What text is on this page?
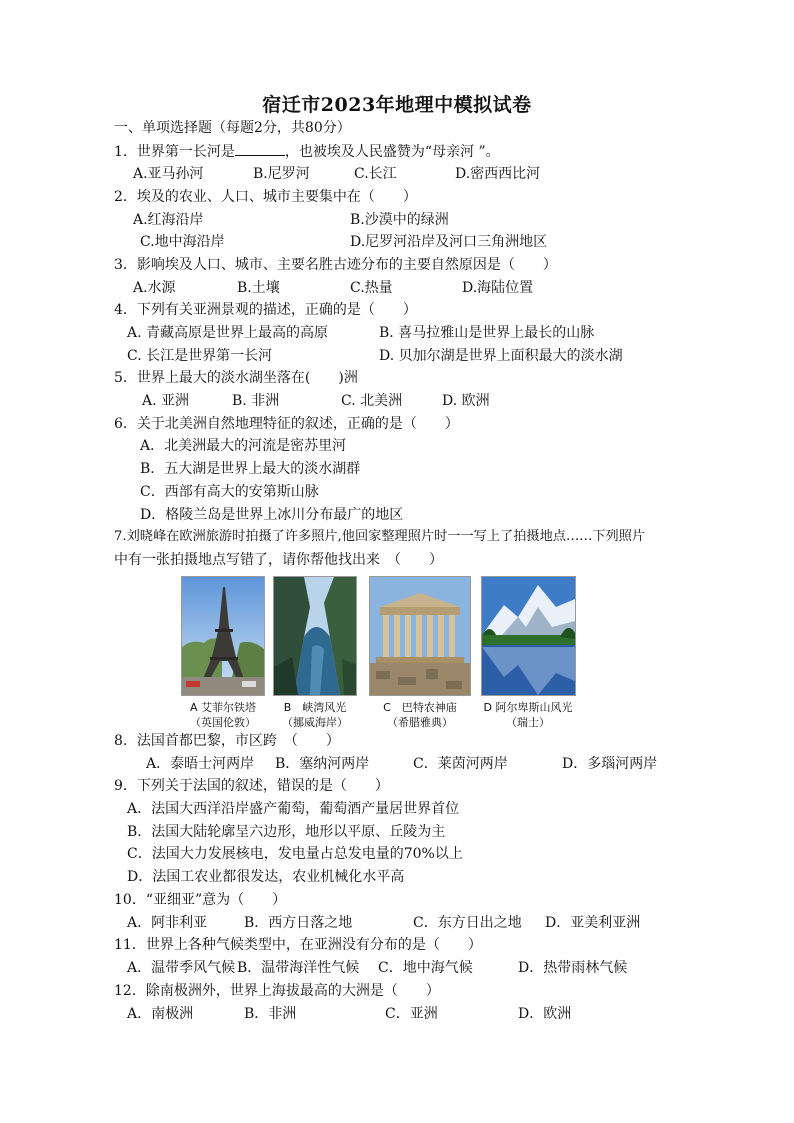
宿迁市2023年地理中模拟试卷
一、单项选择题（每题2分，共80分）
1．世界第一长河是	，也被埃及人民盛赞为“母亲河 ”。
A.亚马孙河	B.尼罗河	C.长江	D.密西西比河
2．埃及的农业、人口、城市主要集中在（　　）
A.红海沿岸	B.沙漠中的绿洲
C.地中海沿岸	D.尼罗河沿岸及河口三角洲地区
3．影响埃及人口、城市、主要名胜古迹分布的主要自然原因是（　　）
A.水源	B.土壤	C.热量	D.海陆位置
4．下列有关亚洲景观的描述，正确的是（　　）
A. 青藏高原是世界上最高的高原	B. 喜马拉雅山是世界上最长的山脉
C. 长江是世界第一长河	D. 贝加尔湖是世界上面积最大的淡水湖
5．世界上最大的淡水湖坐落在(　　)洲
A. 亚洲	B. 非洲	C. 北美洲	D. 欧洲
6．关于北美洲自然地理特征的叙述，正确的是（　　）
A．北美洲最大的河流是密苏里河
B．五大湖是世界上最大的淡水湖群
C．西部有高大的安第斯山脉
D．格陵兰岛是世界上冰川分布最广的地区
7.刘晓峰在欧洲旅游时拍摄了许多照片,他回家整理照片时一一写上了拍摄地点……下列照片
中有一张拍摄地点写错了，请你帮他找出来　（　　）
A 艾菲尔铁塔
（英国伦敦）
B　峡湾风光
（挪威海岸）
C　巴特农神庙
（希腊雅典）
D 阿尔卑斯山风光
（瑞士）
8．法国首都巴黎，市区跨　（　　）
A．泰晤士河两岸 B．塞纳河两岸	C．莱茵河两岸	D．多瑙河两岸
9．下列关于法国的叙述，错误的是（　　）
A．法国大西洋沿岸盛产葡萄，葡萄酒产量居世界首位
B．法国大陆轮廓呈六边形，地形以平原、丘陵为主
C．法国大力发展核电，发电量占总发电量的70%以上
D．法国工农业都很发达，农业机械化水平高
10．“亚细亚”意为（　　）
A．阿非利亚	B．西方日落之地	C．东方日出之地 D．亚美利亚洲
11．世界上各种气候类型中，在亚洲没有分布的是（　　）
A．温带季风气候 B．温带海洋性气候 C．地中海气候	D．热带雨林气候
12．除南极洲外，世界上海拔最高的大洲是（　　）
A．南极洲	B．非洲	C．亚洲	D．欧洲
